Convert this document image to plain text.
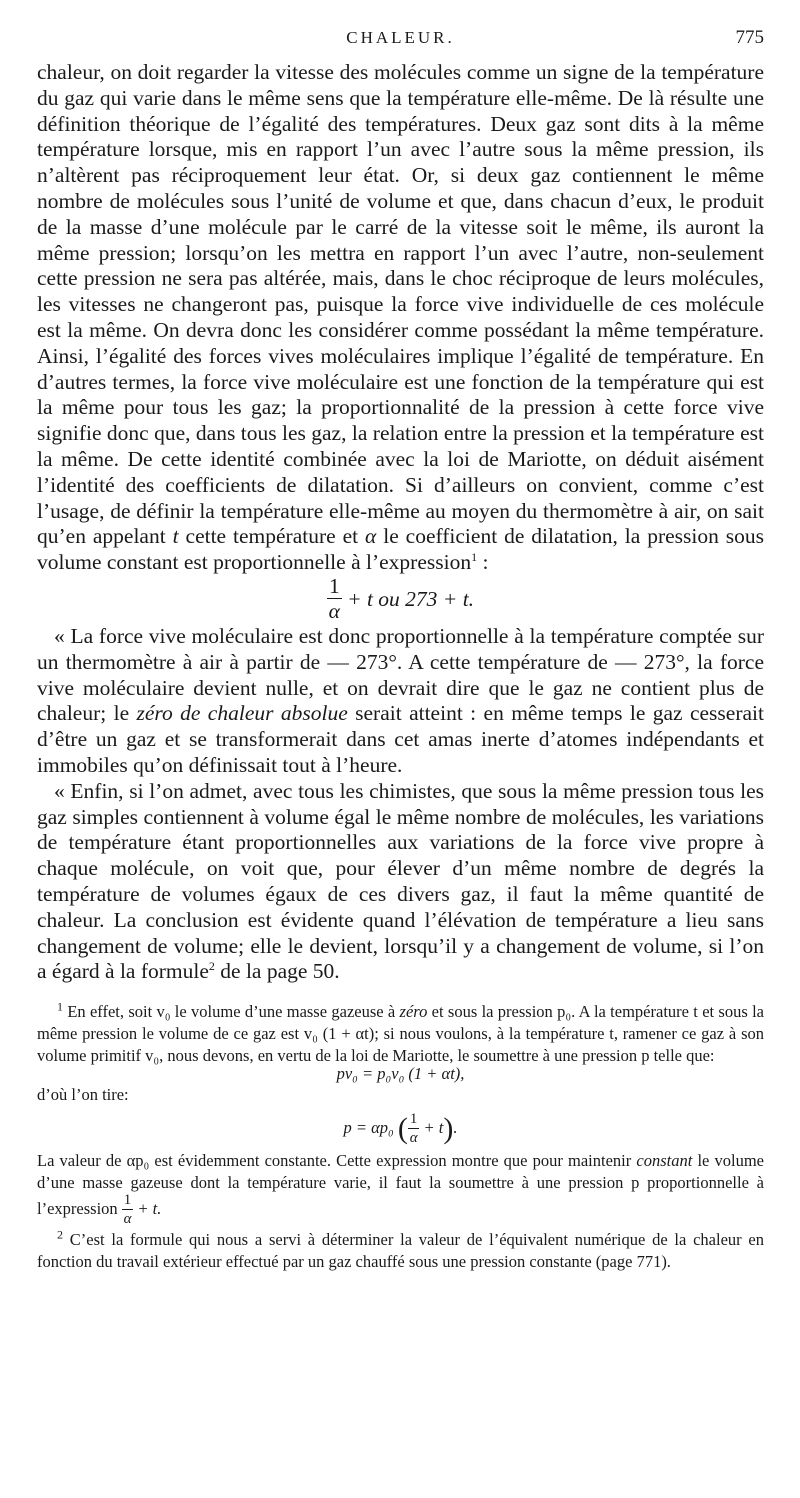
CHALEUR.	775

chaleur, on doit regarder la vitesse des molécules comme un signe de la température du gaz qui varie dans le même sens que la température elle-même. De là résulte une définition théorique de l’égalité des températures. Deux gaz sont dits à la même température lorsque, mis en rapport l’un avec l’autre sous la même pression, ils n’altèrent pas réciproquement leur état. Or, si deux gaz contiennent le même nombre de molécules sous l’unité de volume et que, dans chacun d’eux, le produit de la masse d’une molécule par le carré de la vitesse soit le même, ils auront la même pression; lorsqu’on les mettra en rapport l’un avec l’autre, non-seulement cette pression ne sera pas altérée, mais, dans le choc réciproque de leurs molécules, les vitesses ne changeront pas, puisque la force vive individuelle de ces molécule est la même. On devra donc les considérer comme possédant la même température. Ainsi, l’égalité des forces vives moléculaires implique l’égalité de température. En d’autres termes, la force vive moléculaire est une fonction de la température qui est la même pour tous les gaz; la proportionnalité de la pression à cette force vive signifie donc que, dans tous les gaz, la relation entre la pression et la température est la même. De cette identité combinée avec la loi de Mariotte, on déduit aisément l’identité des coefficients de dilatation. Si d’ailleurs on convient, comme c’est l’usage, de définir la température elle-même au moyen du thermomètre à air, on sait qu’en appelant t cette température et α le coefficient de dilatation, la pression sous volume constant est proportionnelle à l’expression$^1$ :

$\frac{1}{\alpha} + t$ ou 273 + t.

« La force vive moléculaire est donc proportionnelle à la température comptée sur un thermomètre à air à partir de — 273°. A cette température de — 273°, la force vive moléculaire devient nulle, et on devrait dire que le gaz ne contient plus de chaleur; le zéro de chaleur absolue serait atteint : en même temps le gaz cesserait d’être un gaz et se transformerait dans cet amas inerte d’atomes indépendants et immobiles qu’on définissait tout à l’heure.

« Enfin, si l’on admet, avec tous les chimistes, que sous la même pression tous les gaz simples contiennent à volume égal le même nombre de molécules, les variations de température étant proportionnelles aux variations de la force vive propre à chaque molécule, on voit que, pour élever d’un même nombre de degrés la température de volumes égaux de ces divers gaz, il faut la même quantité de chaleur. La conclusion est évidente quand l’élévation de température a lieu sans changement de volume; elle le devient, lorsqu’il y a changement de volume, si l’on a égard à la formule$^2$ de la page 50.

$^1$ En effet, soit v₀ le volume d’une masse gazeuse à zéro et sous la pression p₀. A la température t et sous la même pression le volume de ce gaz est v₀ (1 + αt); si nous voulons, à la température t, ramener ce gaz à son volume primitif v₀, nous devons, en vertu de la loi de Mariotte, le soumettre à une pression p telle que:

pv₀ = p₀v₀ (1 + αt),

d’où l’on tire:

p = αp₀ ( $\frac{1}{\alpha} + t$).

La valeur de αp₀ est évidemment constante. Cette expression montre que pour maintenir constant le volume d’une masse gazeuse dont la température varie, il faut la soumettre à une pression p proportionnelle à l’expression $\frac{1}{\alpha} + t$.

$^2$ C’est la formule qui nous a servi à déterminer la valeur de l’équivalent numérique de la chaleur en fonction du travail extérieur effectué par un gaz chauffé sous une pression constante (page 771).
